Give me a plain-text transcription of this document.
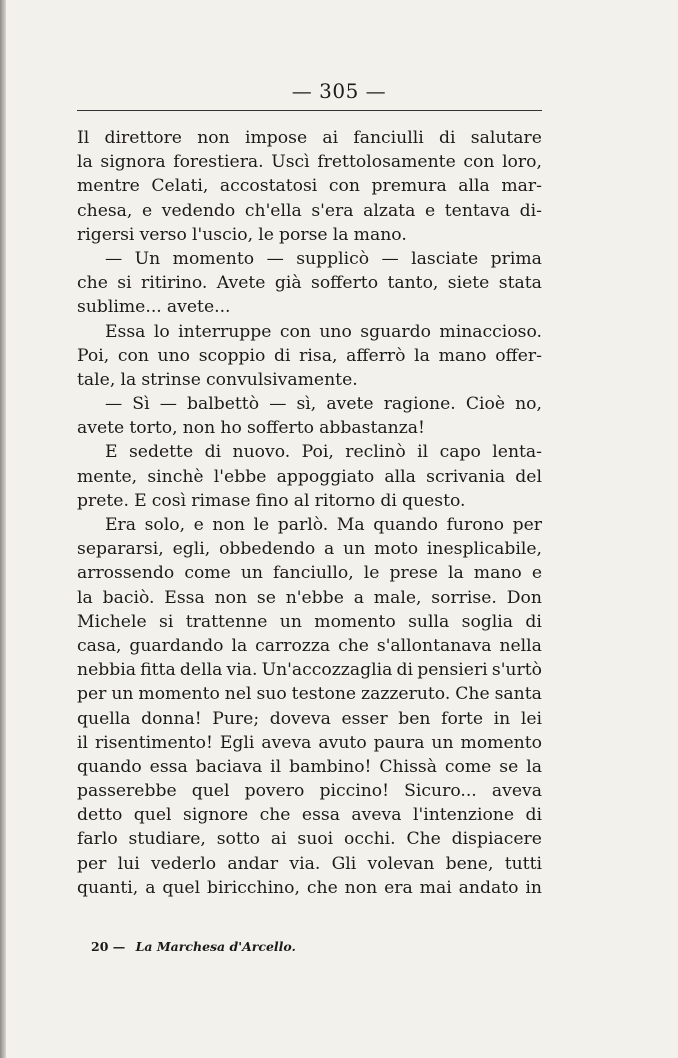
— 305 —
Il direttore non impose ai fanciulli di salutare
la signora forestiera. Uscì frettolosamente con loro,
mentre Celati, accostatosi con premura alla mar-
chesa, e vedendo ch'ella s'era alzata e tentava di-
rigersi verso l'uscio, le porse la mano.
— Un momento — supplicò — lasciate prima
che si ritirino. Avete già sofferto tanto, siete stata
sublime... avete...
Essa lo interruppe con uno sguardo minaccioso.
Poi, con uno scoppio di risa, afferrò la mano offer-
tale, la strinse convulsivamente.
— Sì — balbettò — sì, avete ragione. Cioè no,
avete torto, non ho sofferto abbastanza!
E sedette di nuovo. Poi, reclinò il capo lenta-
mente, sinchè l'ebbe appoggiato alla scrivania del
prete. E così rimase fino al ritorno di questo.
Era solo, e non le parlò. Ma quando furono per
separarsi, egli, obbedendo a un moto inesplicabile,
arrossendo come un fanciullo, le prese la mano e
la baciò. Essa non se n'ebbe a male, sorrise. Don
Michele si trattenne un momento sulla soglia di
casa, guardando la carrozza che s'allontanava nella
nebbia fitta della via. Un'accozzaglia di pensieri s'urtò
per un momento nel suo testone zazzeruto. Che santa
quella donna! Pure; doveva esser ben forte in lei
il risentimento! Egli aveva avuto paura un momento
quando essa baciava il bambino! Chissà come se la
passerebbe quel povero piccino! Sicuro... aveva
detto quel signore che essa aveva l'intenzione di
farlo studiare, sotto ai suoi occhi. Che dispiacere
per lui vederlo andar via. Gli volevan bene, tutti
quanti, a quel biricchino, che non era mai andato in
20 — La Marchesa d'Arcello.
